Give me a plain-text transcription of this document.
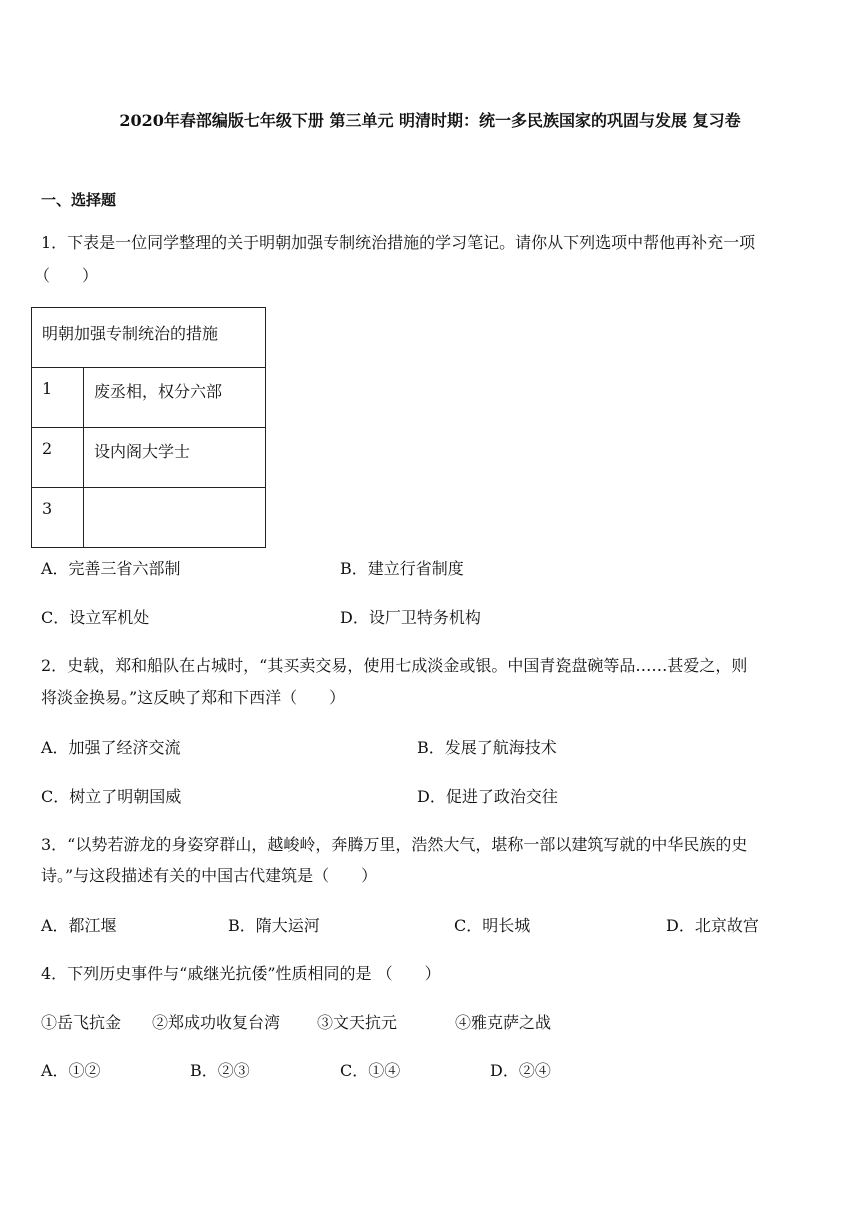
2020年春部编版七年级下册 第三单元 明清时期：统一多民族国家的巩固与发展 复习卷
一、选择题
1．下表是一位同学整理的关于明朝加强专制统治措施的学习笔记。请你从下列选项中帮他再补充一项
（　　）
明朝加强专制统治的措施	
1	废丞相，权分六部
2	设内阁大学士
3	
A．完善三省六部制	B．建立行省制度
C．设立军机处	D．设厂卫特务机构
2．史载，郑和船队在占城时，“其买卖交易，使用七成淡金或银。中国青瓷盘碗等品……甚爱之，则
将淡金换易。”这反映了郑和下西洋（　　）
A．加强了经济交流	B．发展了航海技术
C．树立了明朝国威	D．促进了政治交往
3．“以势若游龙的身姿穿群山，越峻岭，奔腾万里，浩然大气，堪称一部以建筑写就的中华民族的史
诗。”与这段描述有关的中国古代建筑是（　　）
A．都江堰	B．隋大运河	C．明长城	D．北京故宫
4．下列历史事件与“戚继光抗倭”性质相同的是 （　　）
①岳飞抗金 ②郑成功收复台湾 ③文天抗元	④雅克萨之战
A．①②	B．②③	C．①④	D．②④
